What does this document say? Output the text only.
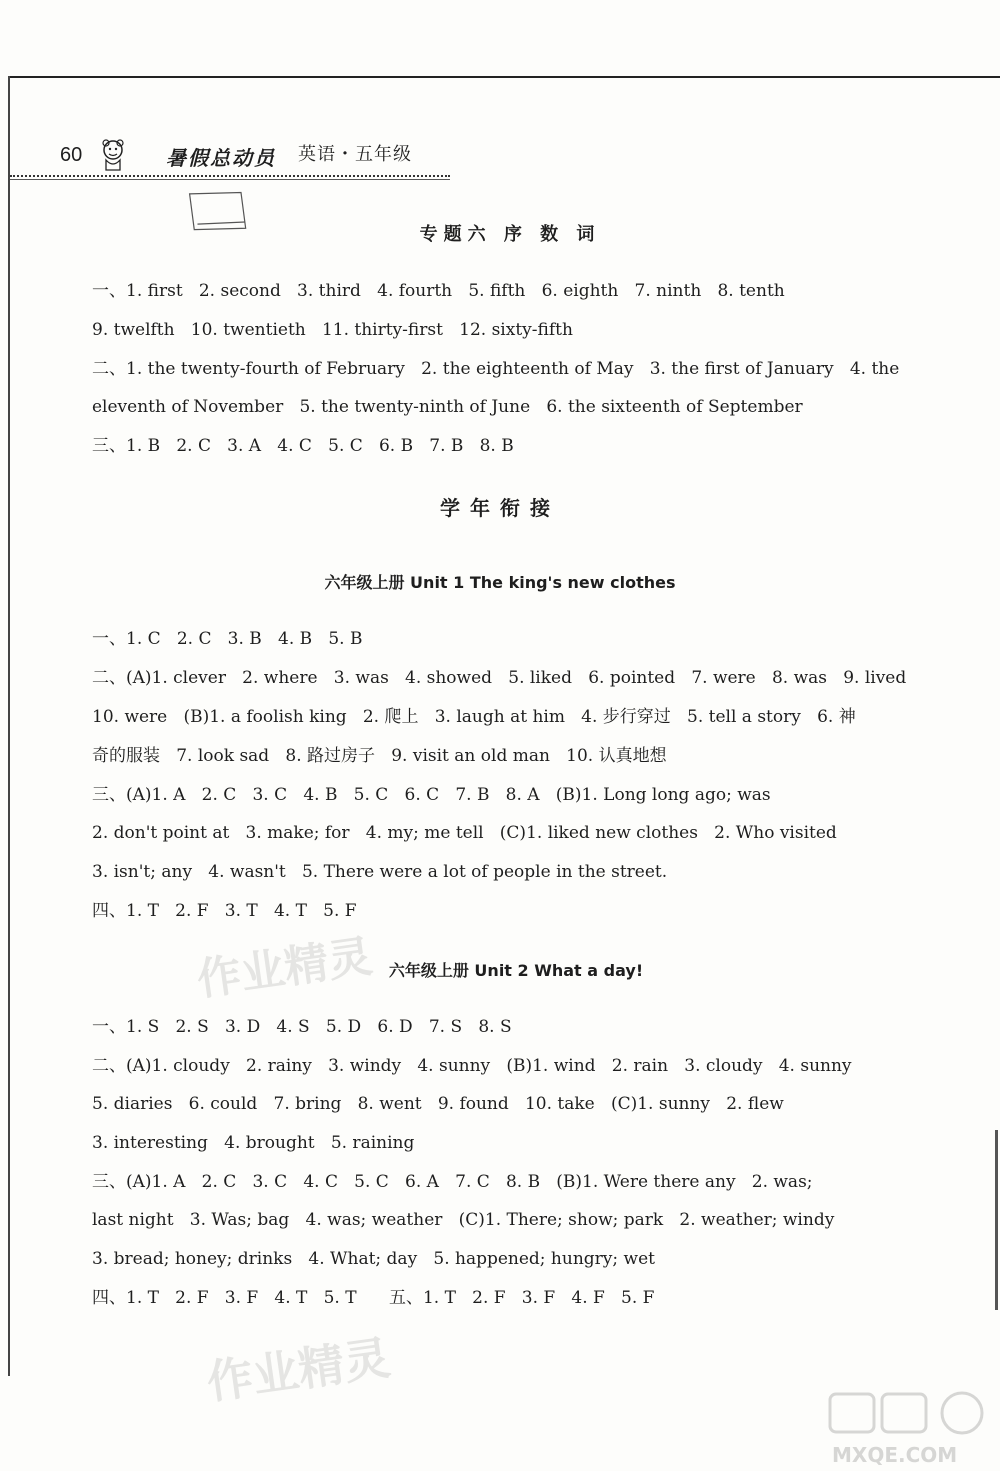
60	暑假总动员 英语・五年级
专题六 序 数 词
一、1. first   2. second   3. third   4. fourth   5. fifth   6. eighth   7. ninth   8. tenth
9. twelfth   10. twentieth   11. thirty-first   12. sixty-fifth
二、1. the twenty-fourth of February   2. the eighteenth of May   3. the first of January   4. the
eleventh of November   5. the twenty-ninth of June   6. the sixteenth of September
三、1. B   2. C   3. A   4. C   5. C   6. B   7. B   8. B
学年衔接
六年级上册 Unit 1 The king's new clothes
一、1. C   2. C   3. B   4. B   5. B
二、(A)1. clever   2. where   3. was   4. showed   5. liked   6. pointed   7. were   8. was   9. lived
10. were   (B)1. a foolish king   2. 爬上   3. laugh at him   4. 步行穿过   5. tell a story   6. 神
奇的服装   7. look sad   8. 路过房子   9. visit an old man   10. 认真地想
三、(A)1. A   2. C   3. C   4. B   5. C   6. C   7. B   8. A   (B)1. Long long ago; was
2. don't point at   3. make; for   4. my; me tell   (C)1. liked new clothes   2. Who visited
3. isn't; any   4. wasn't   5. There were a lot of people in the street.
四、1. T   2. F   3. T   4. T   5. F
作业精灵 六年级上册 Unit 2 What a day!
一、1. S   2. S   3. D   4. S   5. D   6. D   7. S   8. S
二、(A)1. cloudy   2. rainy   3. windy   4. sunny   (B)1. wind   2. rain   3. cloudy   4. sunny
5. diaries   6. could   7. bring   8. went   9. found   10. take   (C)1. sunny   2. flew
3. interesting   4. brought   5. raining
三、(A)1. A   2. C   3. C   4. C   5. C   6. A   7. C   8. B   (B)1. Were there any   2. was;
last night   3. Was; bag   4. was; weather   (C)1. There; show; park   2. weather; windy
3. bread; honey; drinks   4. What; day   5. happened; hungry; wet
四、1. T   2. F   3. F   4. T   5. T      五、1. T   2. F   3. F   4. F   5. F
作业精灵
MXQE.COM
